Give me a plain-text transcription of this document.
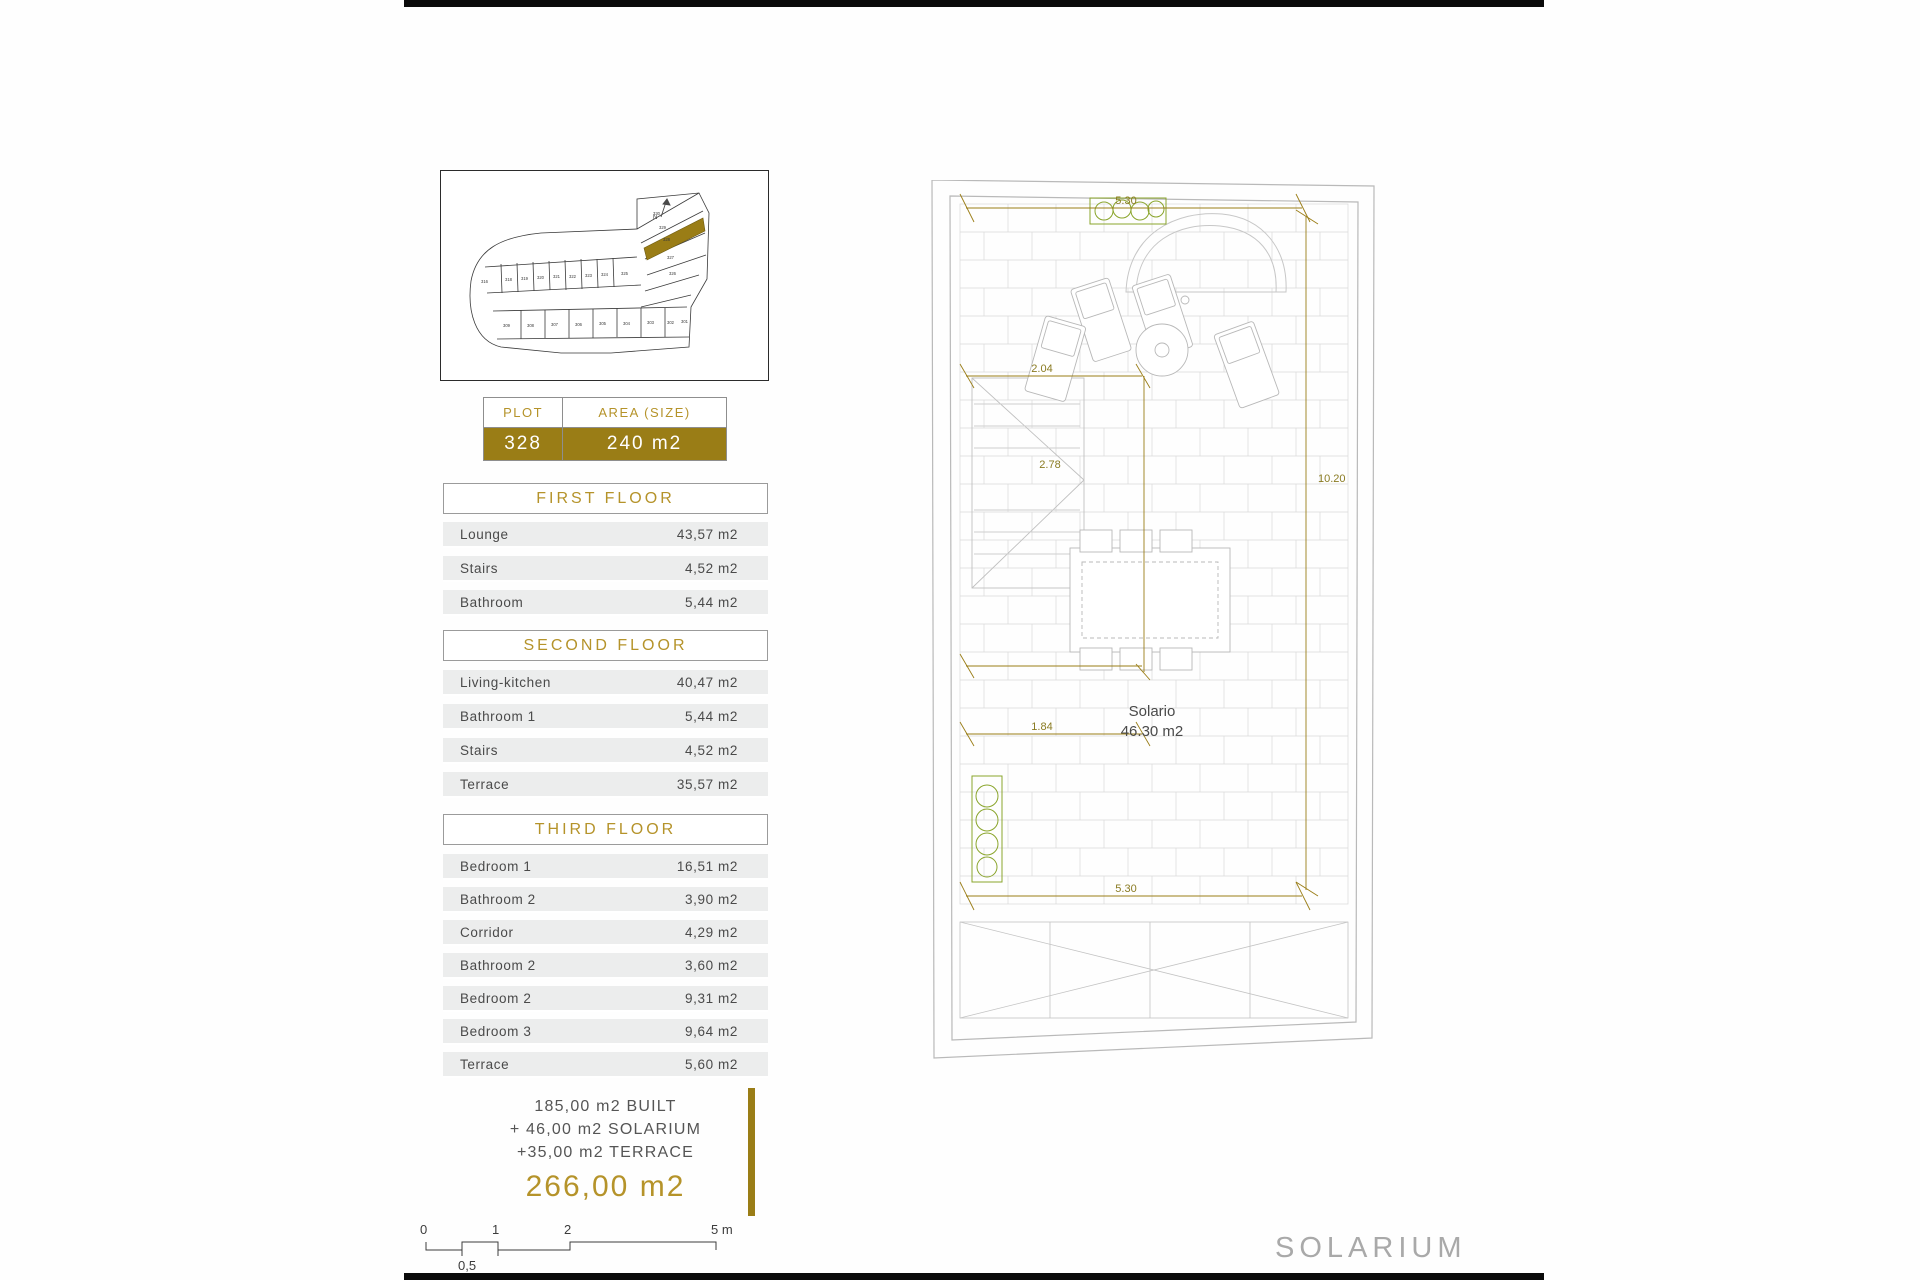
N
330
329
328
327
326
325
324
323
322
321
320
319
318
316
309	308	307	306	305	304	303	302 301
PLOT	AREA (SIZE)
328	240 m2
FIRST FLOOR
Lounge	43,57 m2
Stairs	4,52 m2
Bathroom	5,44 m2
SECOND FLOOR
Living-kitchen	40,47 m2
Bathroom 1	5,44 m2
Stairs	4,52 m2
Terrace	35,57 m2
THIRD FLOOR
Bedroom 1	16,51 m2
Bathroom 2	3,90 m2
Corridor	4,29 m2
Bathroom 2	3,60 m2
Bedroom 2	9,31 m2
Bedroom 3	9,64 m2
Terrace	5,60 m2
185,00 m2 BUILT
+ 46,00 m2 SOLARIUM
+35,00 m2 TERRACE
266,00 m2
0	1	2	5 m
0,5
5.30
10.20
5.30
2.04
2.78
1.84
Solario
46.30 m2
SOLARIUM
